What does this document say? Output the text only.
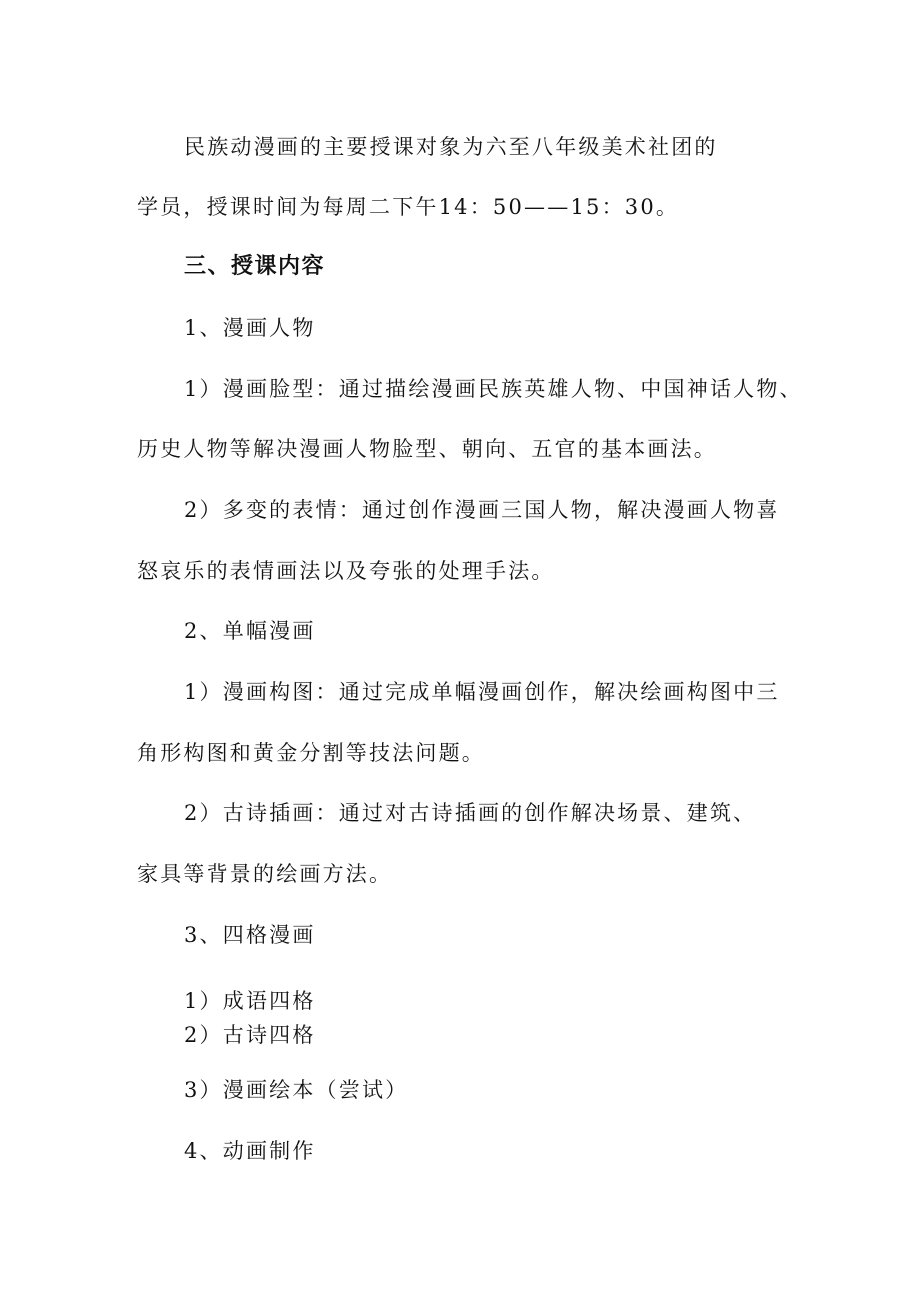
民族动漫画的主要授课对象为六至八年级美术社团的
学员，授课时间为每周二下午14：50——15：30。
三、授课内容
1、漫画人物
1）漫画脸型：通过描绘漫画民族英雄人物、中国神话人物、
历史人物等解决漫画人物脸型、朝向、五官的基本画法。
2）多变的表情：通过创作漫画三国人物，解决漫画人物喜
怒哀乐的表情画法以及夸张的处理手法。
2、单幅漫画
1）漫画构图：通过完成单幅漫画创作，解决绘画构图中三
角形构图和黄金分割等技法问题。
2）古诗插画：通过对古诗插画的创作解决场景、建筑、
家具等背景的绘画方法。
3、四格漫画
1）成语四格
2）古诗四格
3）漫画绘本（尝试）
4、动画制作
